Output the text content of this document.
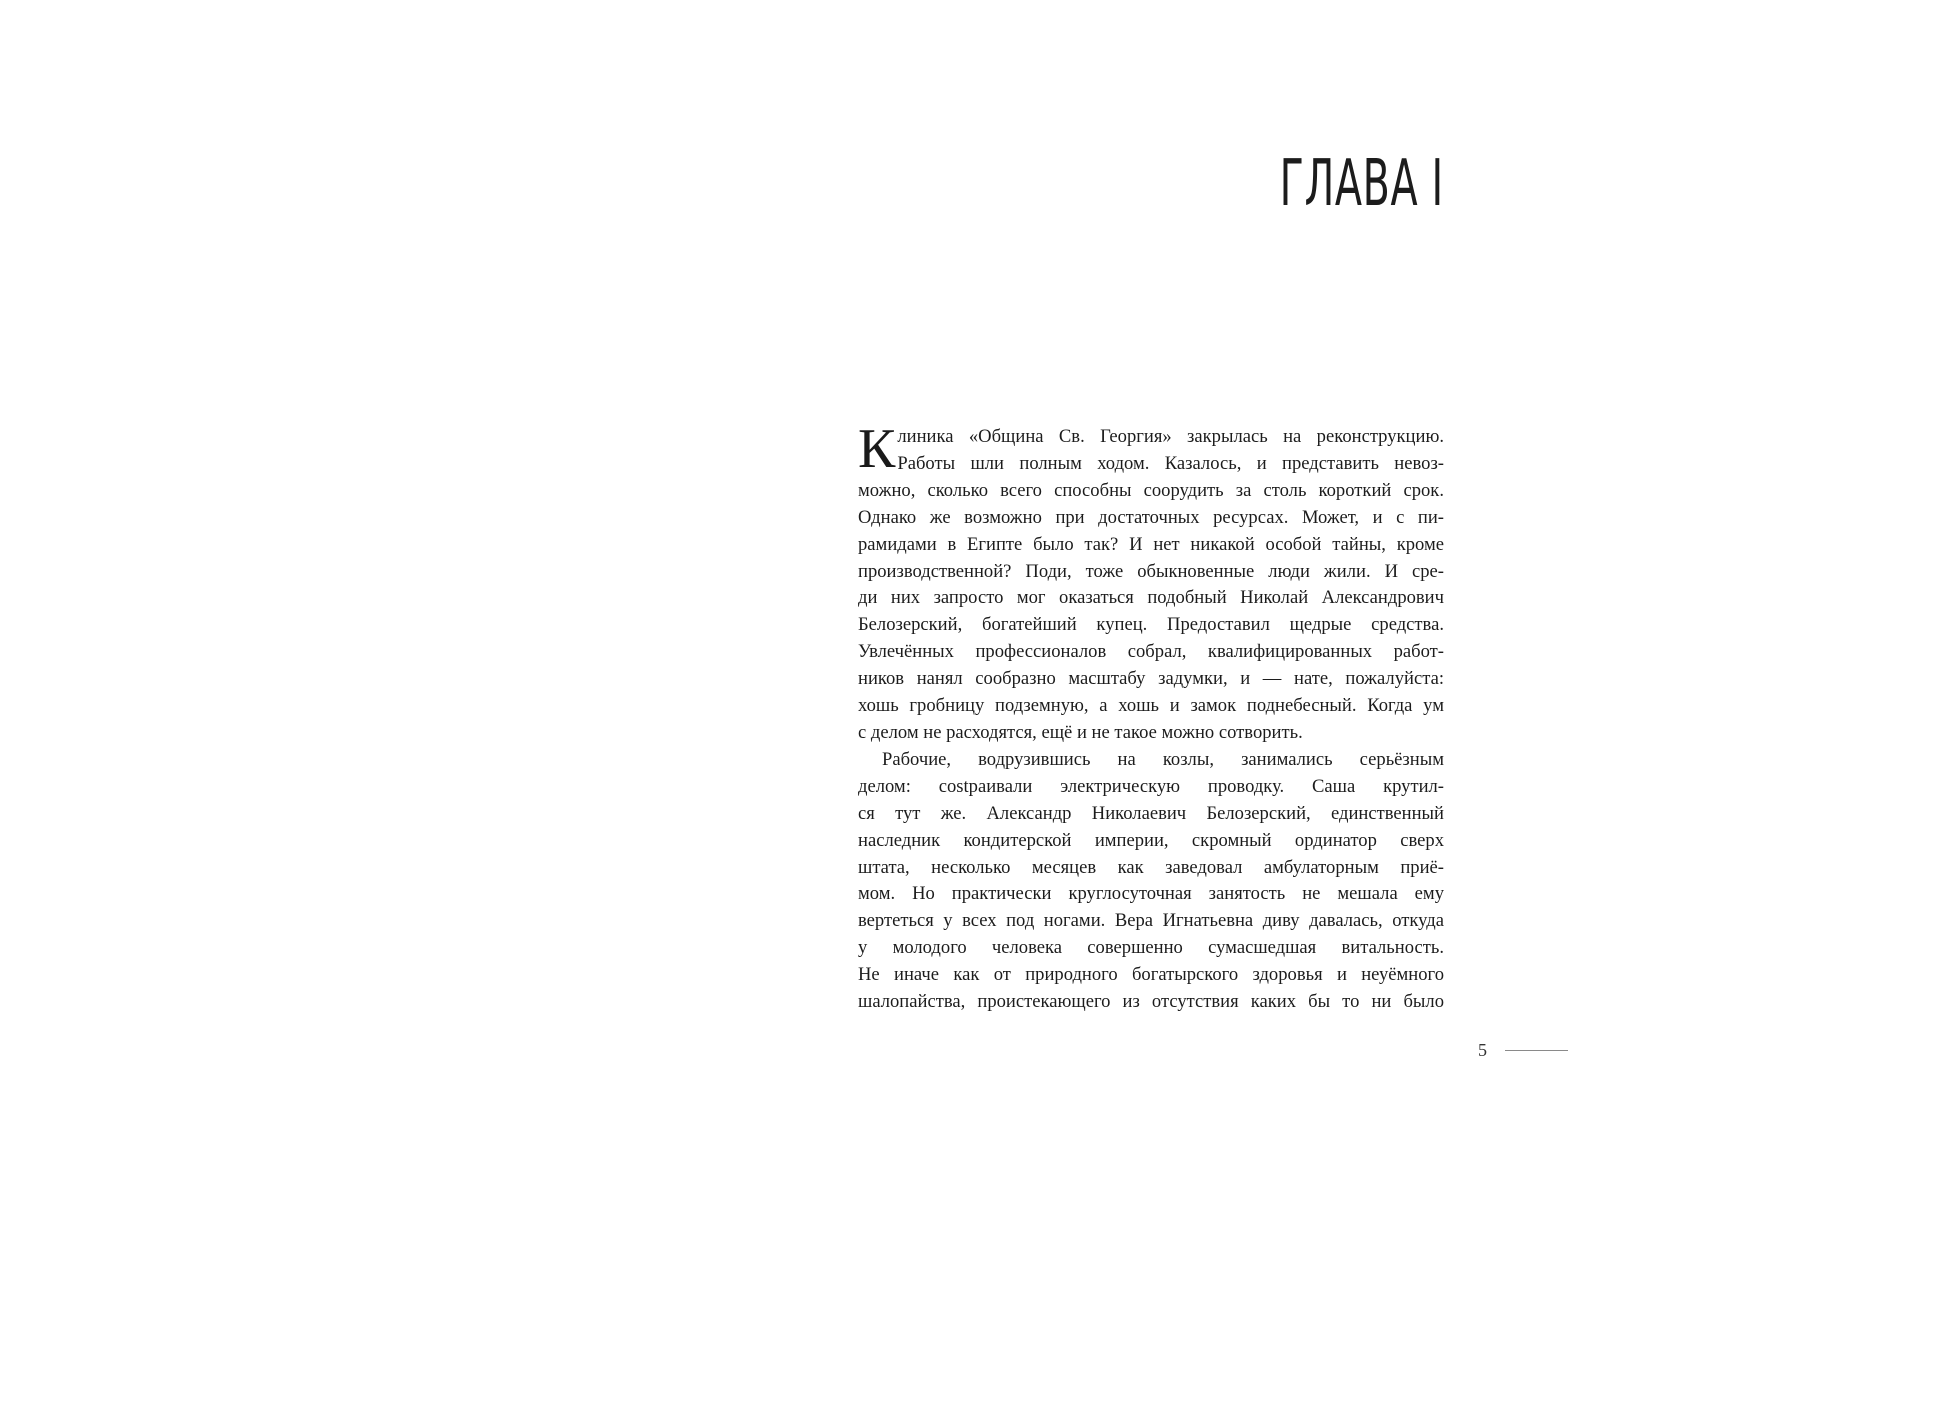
ГЛАВА I

К линика «Община Св. Георгия» закрылась на реконструкцию.
Работы шли полным ходом. Казалось, и представить невоз-
можно, сколько всего способны соорудить за столь короткий срок.
Однако же возможно при достаточных ресурсах. Может, и с пи-
рамидами в Египте было так? И нет никакой особой тайны, кроме
производственной? Поди, тоже обыкновенные люди жили. И сре-
ди них запросто мог оказаться подобный Николай Александрович
Белозерский, богатейший купец. Предоставил щедрые средства.
Увлечённых профессионалов собрал, квалифицированных работ-
ников нанял сообразно масштабу задумки, и — нате, пожалуйста:
хошь гробницу подземную, а хошь и замок поднебесный. Когда ум
с делом не расходятся, ещё и не такое можно сотворить.

Рабочие, водрузившись на козлы, занимались серьёзным
делом: сostраивали электрическую проводку. Саша крутил-
ся тут же. Александр Николаевич Белозерский, единственный
наследник кондитерской империи, скромный ординатор сверх
штата, несколько месяцев как заведовал амбулаторным приё-
мом. Но практически круглосуточная занятость не мешала ему
вертеться у всех под ногами. Вера Игнатьевна диву давалась, откуда
у молодого человека совершенно сумасшедшая витальность.
Не иначе как от природного богатырского здоровья и неуёмного
шалопайства, проистекающего из отсутствия каких бы то ни было

5
